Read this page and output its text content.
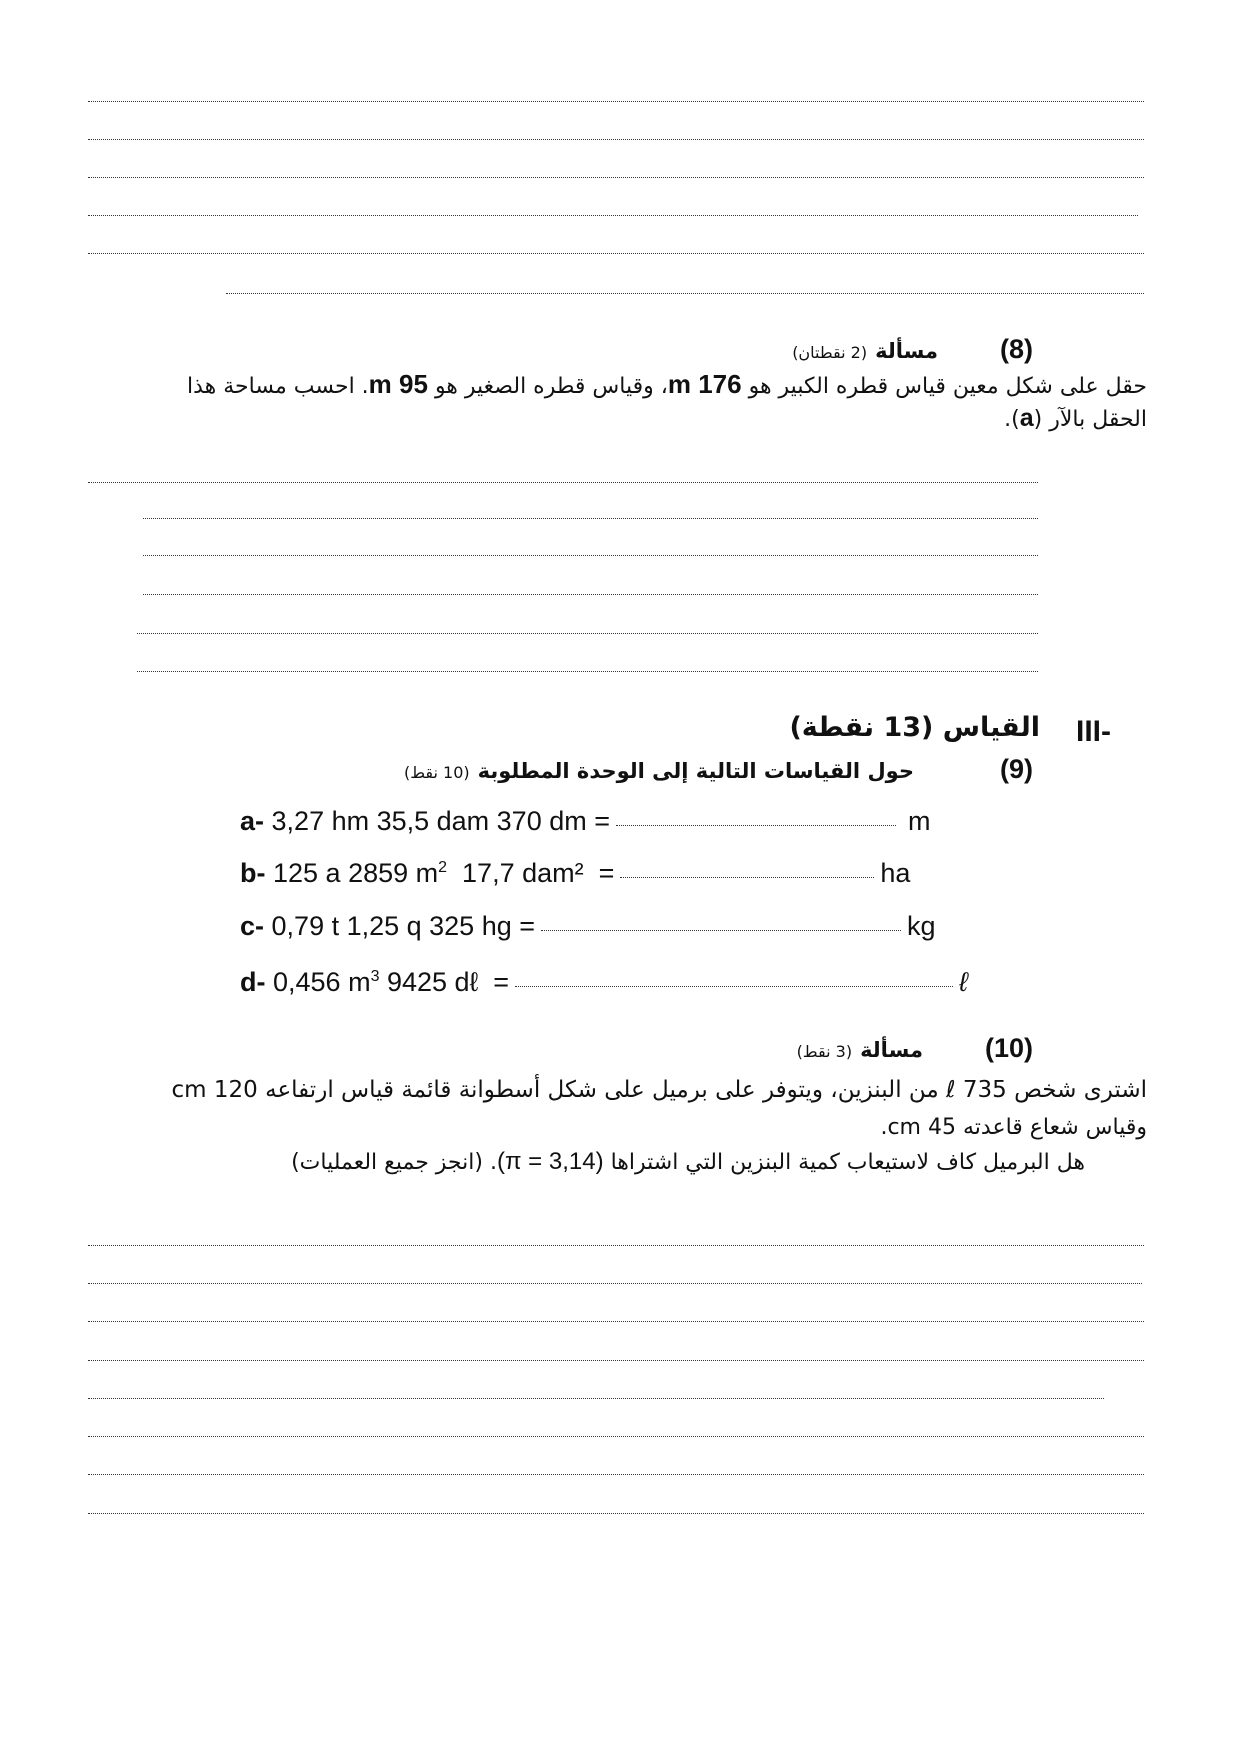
(8)
مسألة
(2 نقطتان)
حقل على شكل معين قياس قطره الكبير هو 176 m، وقياس قطره الصغير هو 95 m. احسب مساحة هذا
الحقل بالآر (a).
III-
القياس (13 نقطة)
(9)
حول القياسات التالية إلى الوحدة المطلوبة
(10 نقط)
a-
3,27 hm 35,5 dam 370 dm =	m
b-
125 a 2859 $m^2$  17,7 dam²  =	ha
c-
0,79 t 1,25 q 325 hg =	kg
d-
0,456 $m^3$ 9425 dℓ  =	ℓ
(10)
مسألة
(3 نقط)
اشترى شخص 735 ℓ من البنزين، ويتوفر على برميل على شكل أسطوانة قائمة قياس ارتفاعه 120 cm
وقياس شعاع قاعدته 45 cm.
هل البرميل كاف لاستيعاب كمية البنزين التي اشتراها (π = 3,14). (انجز جميع العمليات)
